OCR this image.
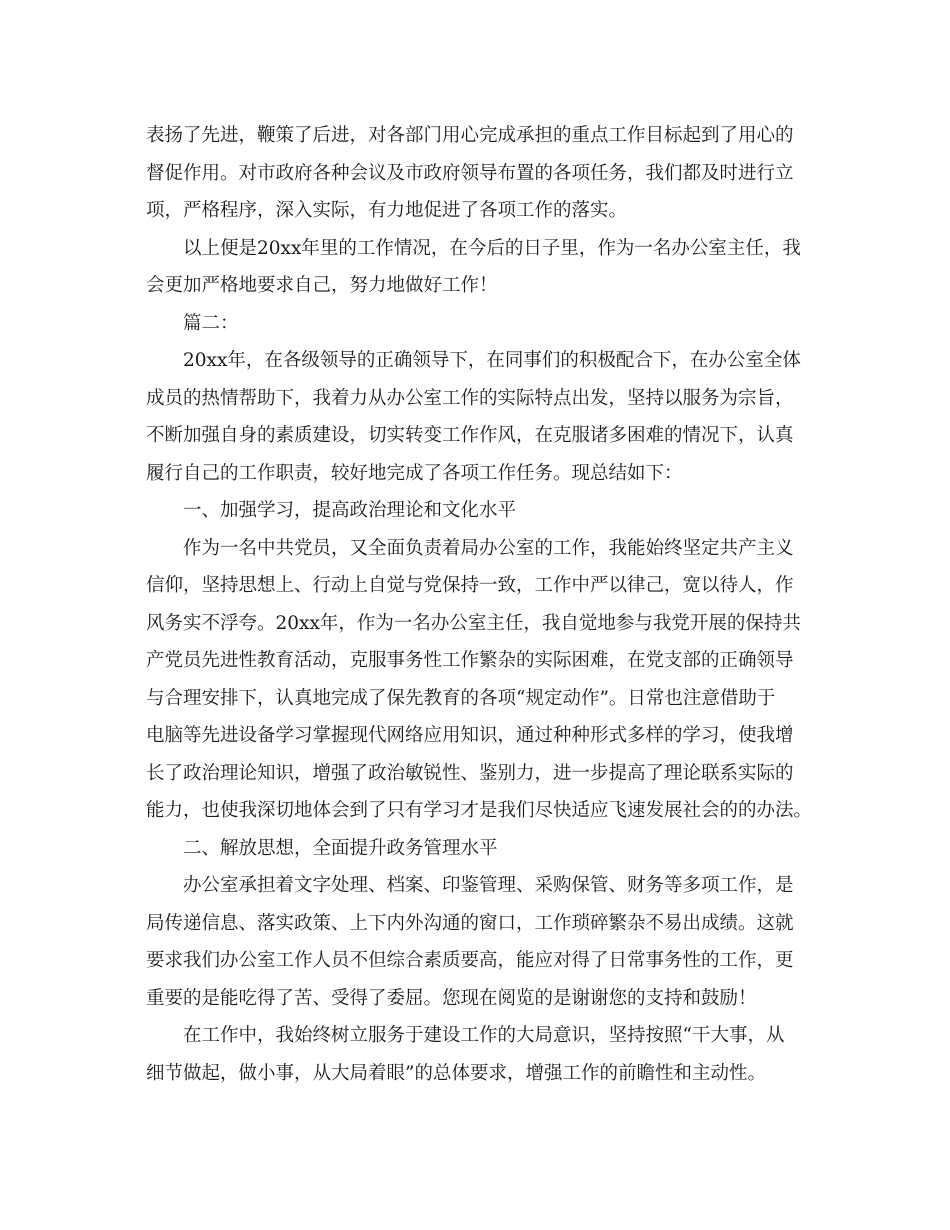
表扬了先进，鞭策了后进，对各部门用心完成承担的重点工作目标起到了用心的
督促作用。对市政府各种会议及市政府领导布置的各项任务，我们都及时进行立
项，严格程序，深入实际，有力地促进了各项工作的落实。
以上便是20xx年里的工作情况，在今后的日子里，作为一名办公室主任，我
会更加严格地要求自己，努力地做好工作！
篇二：
20xx年，在各级领导的正确领导下，在同事们的积极配合下，在办公室全体
成员的热情帮助下，我着力从办公室工作的实际特点出发，坚持以服务为宗旨，
不断加强自身的素质建设，切实转变工作作风，在克服诸多困难的情况下，认真
履行自己的工作职责，较好地完成了各项工作任务。现总结如下：
一、加强学习，提高政治理论和文化水平
作为一名中共党员，又全面负责着局办公室的工作，我能始终坚定共产主义
信仰，坚持思想上、行动上自觉与党保持一致，工作中严以律己，宽以待人，作
风务实不浮夸。20xx年，作为一名办公室主任，我自觉地参与我党开展的保持共
产党员先进性教育活动，克服事务性工作繁杂的实际困难，在党支部的正确领导
与合理安排下，认真地完成了保先教育的各项“规定动作”。日常也注意借助于
电脑等先进设备学习掌握现代网络应用知识，通过种种形式多样的学习，使我增
长了政治理论知识，增强了政治敏锐性、鉴别力，进一步提高了理论联系实际的
能力，也使我深切地体会到了只有学习才是我们尽快适应飞速发展社会的的办法。
二、解放思想，全面提升政务管理水平
办公室承担着文字处理、档案、印鉴管理、采购保管、财务等多项工作，是
局传递信息、落实政策、上下内外沟通的窗口，工作琐碎繁杂不易出成绩。这就
要求我们办公室工作人员不但综合素质要高，能应对得了日常事务性的工作，更
重要的是能吃得了苦、受得了委屈。您现在阅览的是谢谢您的支持和鼓励！
在工作中，我始终树立服务于建设工作的大局意识，坚持按照“干大事，从
细节做起，做小事，从大局着眼”的总体要求，增强工作的前瞻性和主动性。
